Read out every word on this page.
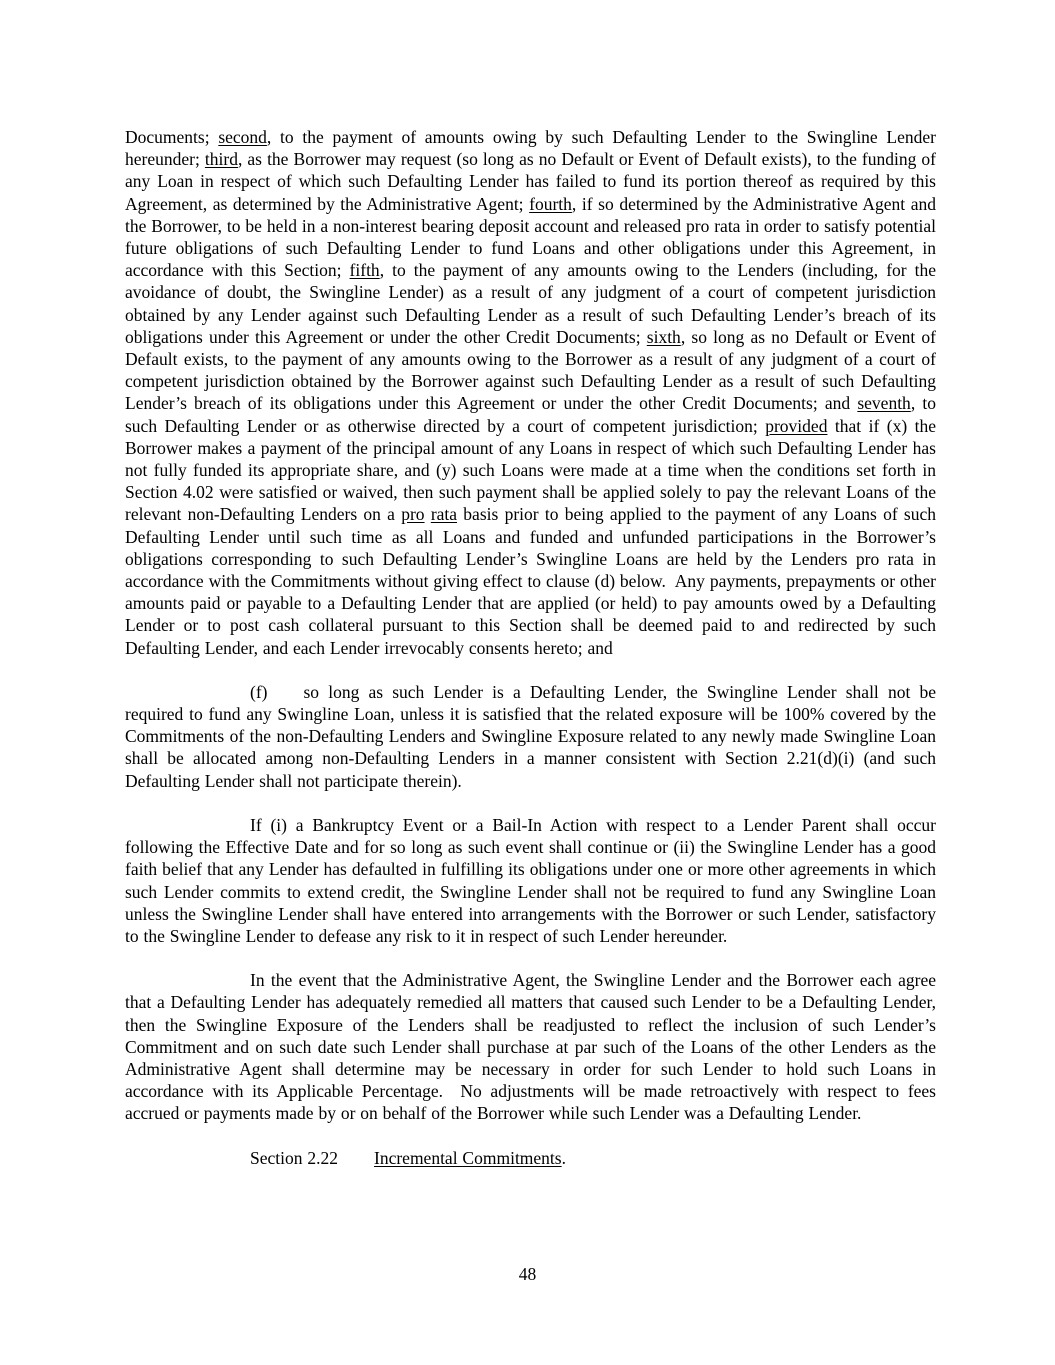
Documents; second, to the payment of amounts owing by such Defaulting Lender to the Swingline Lender hereunder; third, as the Borrower may request (so long as no Default or Event of Default exists), to the funding of any Loan in respect of which such Defaulting Lender has failed to fund its portion thereof as required by this Agreement, as determined by the Administrative Agent; fourth, if so determined by the Administrative Agent and the Borrower, to be held in a non-interest bearing deposit account and released pro rata in order to satisfy potential future obligations of such Defaulting Lender to fund Loans and other obligations under this Agreement, in accordance with this Section; fifth, to the payment of any amounts owing to the Lenders (including, for the avoidance of doubt, the Swingline Lender) as a result of any judgment of a court of competent jurisdiction obtained by any Lender against such Defaulting Lender as a result of such Defaulting Lender’s breach of its obligations under this Agreement or under the other Credit Documents; sixth, so long as no Default or Event of Default exists, to the payment of any amounts owing to the Borrower as a result of any judgment of a court of competent jurisdiction obtained by the Borrower against such Defaulting Lender as a result of such Defaulting Lender’s breach of its obligations under this Agreement or under the other Credit Documents; and seventh, to such Defaulting Lender or as otherwise directed by a court of competent jurisdiction; provided that if (x) the Borrower makes a payment of the principal amount of any Loans in respect of which such Defaulting Lender has not fully funded its appropriate share, and (y) such Loans were made at a time when the conditions set forth in Section 4.02 were satisfied or waived, then such payment shall be applied solely to pay the relevant Loans of the relevant non-Defaulting Lenders on a pro rata basis prior to being applied to the payment of any Loans of such Defaulting Lender until such time as all Loans and funded and unfunded participations in the Borrower’s obligations corresponding to such Defaulting Lender’s Swingline Loans are held by the Lenders pro rata in accordance with the Commitments without giving effect to clause (d) below.  Any payments, prepayments or other amounts paid or payable to a Defaulting Lender that are applied (or held) to pay amounts owed by a Defaulting Lender or to post cash collateral pursuant to this Section shall be deemed paid to and redirected by such Defaulting Lender, and each Lender irrevocably consents hereto; and

(f) so long as such Lender is a Defaulting Lender, the Swingline Lender shall not be required to fund any Swingline Loan, unless it is satisfied that the related exposure will be 100% covered by the Commitments of the non-Defaulting Lenders and Swingline Exposure related to any newly made Swingline Loan shall be allocated among non-Defaulting Lenders in a manner consistent with Section 2.21(d)(i) (and such Defaulting Lender shall not participate therein).

If (i) a Bankruptcy Event or a Bail-In Action with respect to a Lender Parent shall occur following the Effective Date and for so long as such event shall continue or (ii) the Swingline Lender has a good faith belief that any Lender has defaulted in fulfilling its obligations under one or more other agreements in which such Lender commits to extend credit, the Swingline Lender shall not be required to fund any Swingline Loan unless the Swingline Lender shall have entered into arrangements with the Borrower or such Lender, satisfactory to the Swingline Lender to defease any risk to it in respect of such Lender hereunder.

In the event that the Administrative Agent, the Swingline Lender and the Borrower each agree that a Defaulting Lender has adequately remedied all matters that caused such Lender to be a Defaulting Lender, then the Swingline Exposure of the Lenders shall be readjusted to reflect the inclusion of such Lender’s Commitment and on such date such Lender shall purchase at par such of the Loans of the other Lenders as the Administrative Agent shall determine may be necessary in order for such Lender to hold such Loans in accordance with its Applicable Percentage.  No adjustments will be made retroactively with respect to fees accrued or payments made by or on behalf of the Borrower while such Lender was a Defaulting Lender.

Section 2.22 Incremental Commitments.

48
